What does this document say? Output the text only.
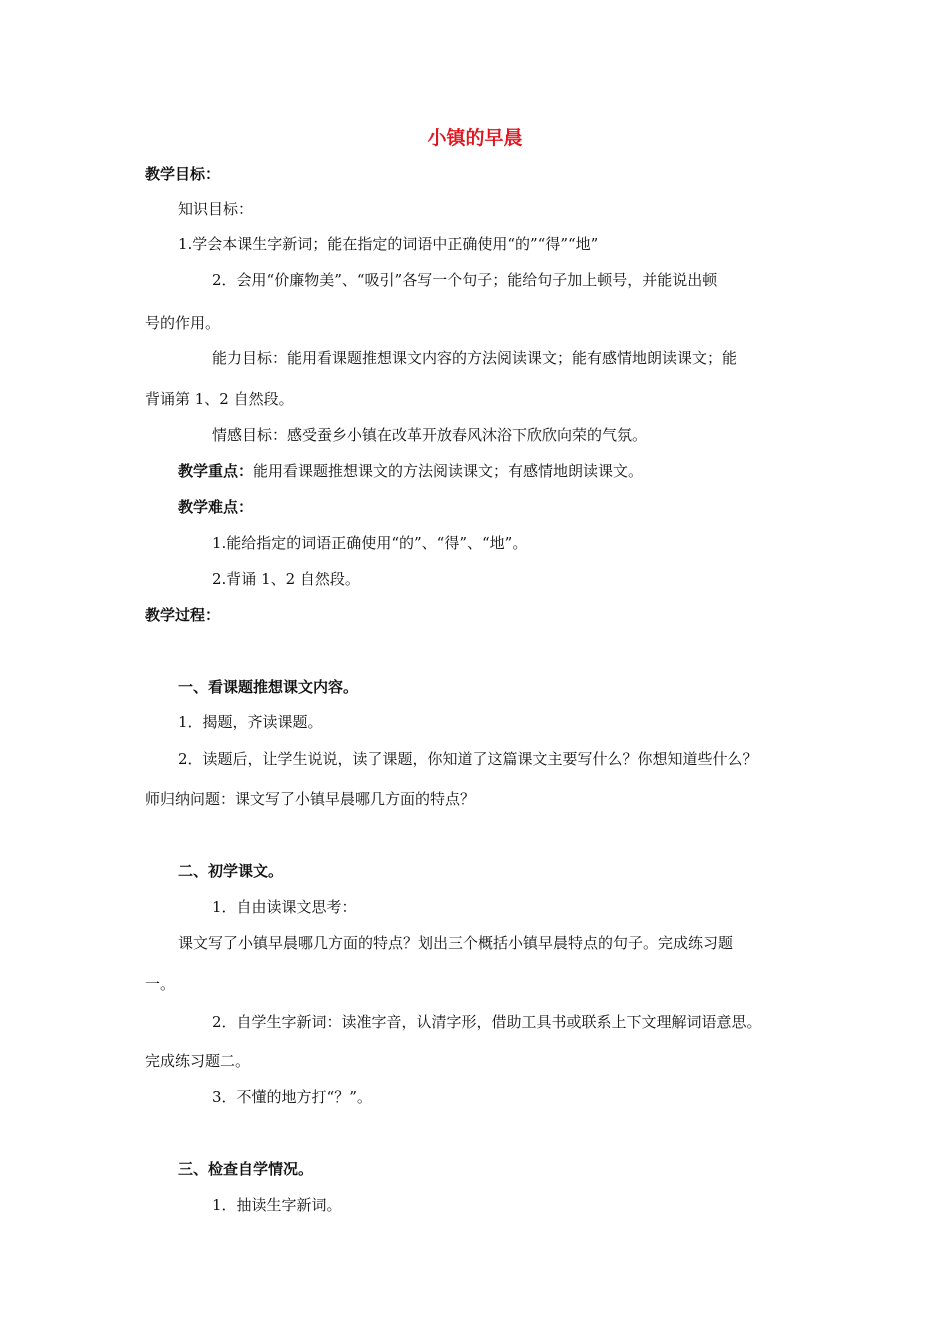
小镇的早晨
教学目标：
知识目标：
1.学会本课生字新词；能在指定的词语中正确使用“的”“得”“地”
2．会用“价廉物美”、“吸引”各写一个句子；能给句子加上顿号，并能说出顿
号的作用。
能力目标：能用看课题推想课文内容的方法阅读课文；能有感情地朗读课文；能
背诵第 1、2 自然段。
情感目标：感受蚕乡小镇在改革开放春风沐浴下欣欣向荣的气氛。
教学重点：能用看课题推想课文的方法阅读课文；有感情地朗读课文。
教学难点：
1.能给指定的词语正确使用“的”、“得”、“地”。
2.背诵 1、2 自然段。
教学过程：
一、看课题推想课文内容。
1．揭题，齐读课题。
2．读题后，让学生说说，读了课题，你知道了这篇课文主要写什么？你想知道些什么？
师归纳问题：课文写了小镇早晨哪几方面的特点？
二、初学课文。
1．自由读课文思考：
课文写了小镇早晨哪几方面的特点？划出三个概括小镇早晨特点的句子。完成练习题
一。
2．自学生字新词：读准字音，认清字形，借助工具书或联系上下文理解词语意思。
完成练习题二。
3．不懂的地方打“？”。
三、检查自学情况。
1．抽读生字新词。
